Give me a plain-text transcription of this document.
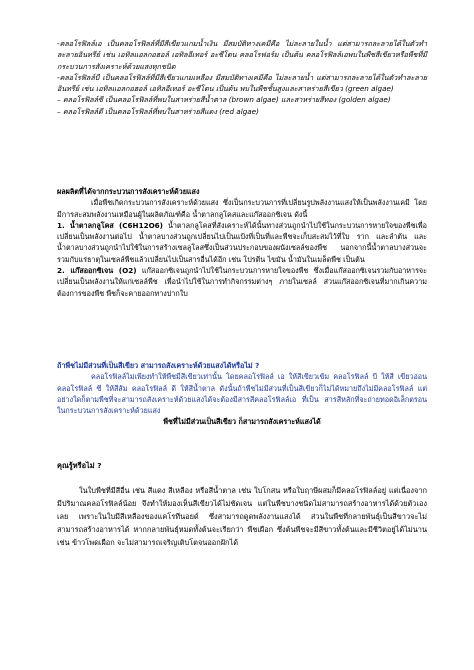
-คลอโรฟิลล์เอ เป็นคลอโรฟิลล์ที่มีสีเขียวแกมน้ำเงิน มีสมบัติทางเคมีคือ ไม่ละลายในน้ำ แต่สามารถละลายได้ในตัวทำละลายอินทรีย์ เช่น เอทิลแอลกอฮอล์ เอทิลอีเทอร์ อะซีโตน คลอโรฟอร์ม เป็นต้น คลอโรฟิลล์เอพบในพืชสีเขียวหรือพืชที่มีกระบวนการสังเคราะห์ด้วยแสงทุกชนิด

-คลอโรฟิลล์บี เป็นคลอโรฟิลล์ที่มีสีเขียวแกมเหลือง มีสมบัติทางเคมีคือ ไม่ละลายน้ำ แต่สามารถละลายได้ในตัวทำละลายอินทรีย์ เช่น เอทิลแอลกอฮอล์ เอทิลอีเทอร์ อะซีโตน เป็นต้น พบในพืชชั้นสูงและสาหร่ายสีเขียว (green algae)

– คลอโรฟิลล์ซี เป็นคลอโรฟิลล์ที่พบในสาหร่ายสีน้ำตาล (brown algae) และสาหร่ายสีทอง (golden algae)

– คลอโรฟิลล์ดี เป็นคลอโรฟิลล์ที่พบในสาหร่ายสีแดง (red algae)

ผลผลิตที่ได้จากกระบวนการสังเคราะห์ด้วยแสง

เมื่อพืชเกิดกระบวนการสังเคราะห์ด้วยแสง ซึ่งเป็นกระบวนการที่เปลี่ยนรูปพลังงานแสงให้เป็นพลังงานเคมี โดยมีการสะสมพลังงานเหมือนผู้ในผลิตภัณฑ์คือ น้ำตาลกลูโคสและแก๊สออกซิเจน ดังนี้

1. น้ำตาลกลูโคส (C6H12O6) น้ำตาลกลูโคสที่สังเคราะห์ได้นั้นทางส่วนถูกนำไปใช้ในกระบวนการหายใจของพืชเพื่อเปลี่ยนเป็นพลังงานต่อไป น้ำตาลบางส่วนถูกเปลี่ยนไปเป็นแป้งที่เป็นที่และพืชจะเก็บสะสมไว้ที่ใบ ราก และลำต้น และน้ำตาลบางส่วนถูกนำไปใช้ในการสร้างเซลลูโลสซึ่งเป็นส่วนประกอบของผนังเซลล์ของพืช นอกจากนี้น้ำตาลบางส่วนจะรวมกับแร่ธาตุในเซลล์พืชแล้วเปลี่ยนไปเป็นสารอื่นได้อีก เช่น โปรตีน ไขมัน น้ำมันในเมล็ดพืช เป็นต้น

2. แก๊สออกซิเจน (O2) แก๊สออกซิเจนถูกนำไปใช้ในกระบวนการหายใจของพืช ซึ่งเมื่อแก๊สออกซิเจนรวมกับอาหารจะเปลี่ยนเป็นพลังงานให้แก่เซลล์พืช เพื่อนำไปใช้ในการทำกิจกรรมต่างๆ ภายในเซลล์ ส่วนแก๊สออกซิเจนที่มากเกินความต้องการของพืช พืชก็จะคายออกทางปากใบ

ถ้าพืชไม่มีส่วนที่เป็นสีเขียว สามารถสังเคราะห์ด้วยแสงได้หรือไม่ ?

คลอโรฟิลล์ไม่เพียงทำให้พืชมีสีเขียวเท่านั้น โดยคลอโรฟิลล์ เอ ให้สีเขียวเข้ม คลอโรฟิลล์ บี ให้สี เขียวอ่อน คลอโรฟิลล์ ซี ให้สีส้ม คลอโรฟิลล์ ดี ให้สีน้ำตาล ดังนั้นถ้าพืชไม่มีส่วนที่เป็นสีเขียวก็ไม่ได้หมายถึงไม่มีคลอโรฟิลล์ แต่อย่างใดก็ตามพืชที่จะสามารถสังเคราะห์ด้วยแสงได้จะต้องมีสารสีคลอโรฟิลล์เอ ที่เป็น สารสีหลักที่จะถ่ายทอดอิเล็กตรอนในกระบวนการสังเคราะห์ด้วยแสง

พืชที่ไม่มีส่วนเป็นสีเขียว ก็สามารถสังเคราะห์แสงได้

คุณรู้หรือไม่ ?

ในใบพืชที่มีสีอื่น เช่น สีแดง สีเหลือง หรือสีน้ำตาล เช่น ใบโกสน หรือใบฤาษีผสมก็มีคลอโรฟิลล์อยู่ แต่เนื่องจากมีปริมาณคลอโรฟิลล์น้อย จึงทำให้มองเห็นสีเขียวได้ไม่ชัดเจน แต่ในพืชบางชนิดไม่สามารถสร้างอาหารได้ด้วยตัวเองเลย เพราะในใบมีสีเหลืองของแคโรทีนอยด์ ซึ่งสามารถดูดพลังงานแสงได้ ส่วนในพืชที่กลายพันธุ์เป็นสีขาวจะไม่สามารถสร้างอาหารได้ หากกลายพันธุ์หมดทั้งต้นจะเรียกว่า พืชเผือก ซึ่งต้นพืชจะมีสีขาวทั้งต้นและมีชีวิตอยู่ได้ไม่นาน เช่น ข้าวโพดเผือก จะไม่สามารถเจริญเติบโตจนออกฝักได้
